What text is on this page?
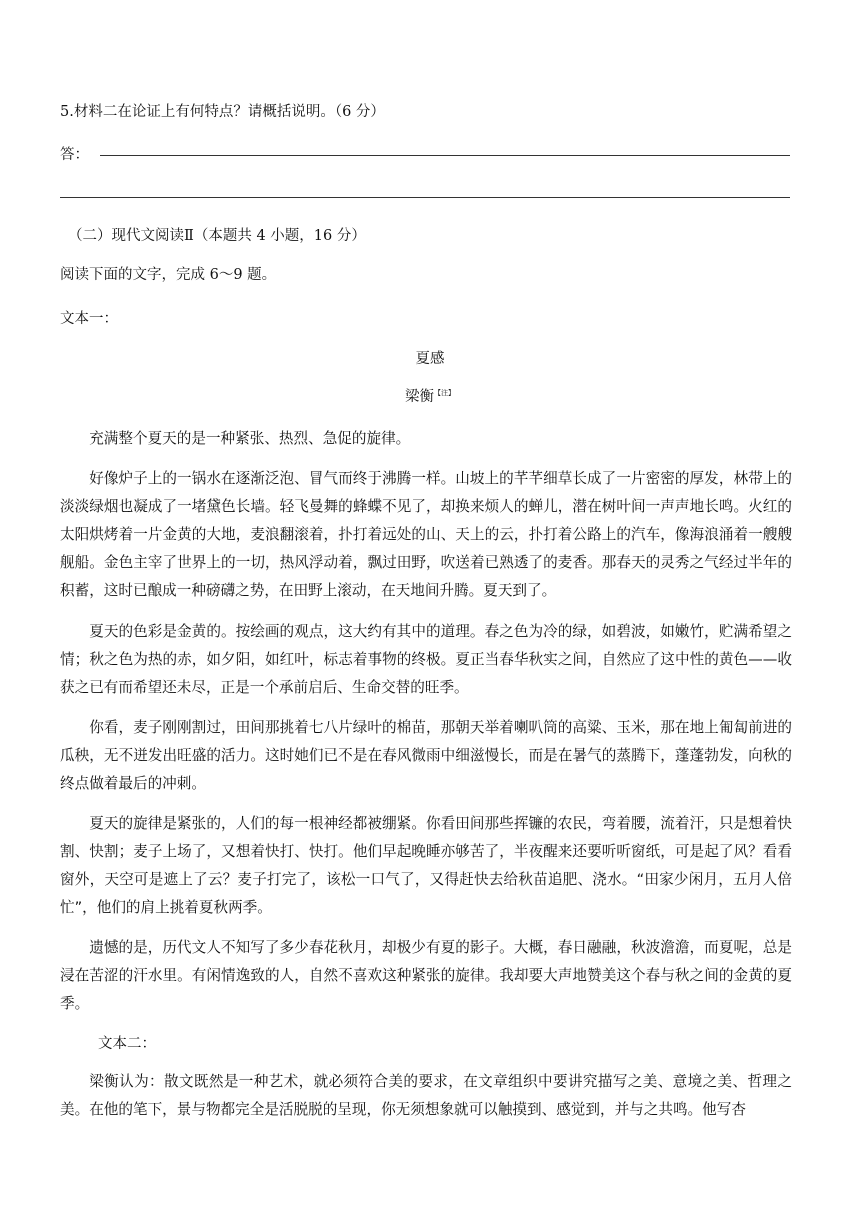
5.材料二在论证上有何特点？请概括说明。（6 分）
答：
（二）现代文阅读Ⅱ（本题共 4 小题，16 分）
阅读下面的文字，完成 6～9 题。
文本一：
夏感
梁衡$^{【注】}$

充满整个夏天的是一种紧张、热烈、急促的旋律。

好像炉子上的一锅水在逐渐泛泡、冒气而终于沸腾一样。山坡上的芊芊细草长成了一片密密的厚发，林带上的淡淡绿烟也凝成了一堵黛色长墙。轻飞曼舞的蜂蝶不见了，却换来烦人的蝉儿，潜在树叶间一声声地长鸣。火红的太阳烘烤着一片金黄的大地，麦浪翻滚着，扑打着远处的山、天上的云，扑打着公路上的汽车，像海浪涌着一艘艘舰船。金色主宰了世界上的一切，热风浮动着，飘过田野，吹送着已熟透了的麦香。那春天的灵秀之气经过半年的积蓄，这时已酿成一种磅礴之势，在田野上滚动，在天地间升腾。夏天到了。

夏天的色彩是金黄的。按绘画的观点，这大约有其中的道理。春之色为冷的绿，如碧波，如嫩竹，贮满希望之情；秋之色为热的赤，如夕阳，如红叶，标志着事物的终极。夏正当春华秋实之间，自然应了这中性的黄色——收获之已有而希望还未尽，正是一个承前启后、生命交替的旺季。

你看，麦子刚刚割过，田间那挑着七八片绿叶的棉苗，那朝天举着喇叭筒的高粱、玉米，那在地上匍匐前进的瓜秧，无不迸发出旺盛的活力。这时她们已不是在春风微雨中细滋慢长，而是在暑气的蒸腾下，蓬蓬勃发，向秋的终点做着最后的冲刺。

夏天的旋律是紧张的，人们的每一根神经都被绷紧。你看田间那些挥镰的农民，弯着腰，流着汗，只是想着快割、快割；麦子上场了，又想着快打、快打。他们早起晚睡亦够苦了，半夜醒来还要听听窗纸，可是起了风？看看窗外，天空可是遮上了云？麦子打完了，该松一口气了，又得赶快去给秋苗追肥、浇水。“田家少闲月，五月人倍忙”，他们的肩上挑着夏秋两季。

遗憾的是，历代文人不知写了多少春花秋月，却极少有夏的影子。大概，春日融融，秋波澹澹，而夏呢，总是浸在苦涩的汗水里。有闲情逸致的人，自然不喜欢这种紧张的旋律。我却要大声地赞美这个春与秋之间的金黄的夏季。

文本二：

梁衡认为：散文既然是一种艺术，就必须符合美的要求，在文章组织中要讲究描写之美、意境之美、哲理之美。在他的笔下，景与物都完全是活脱脱的呈现，你无须想象就可以触摸到、感觉到，并与之共鸣。他写杏
